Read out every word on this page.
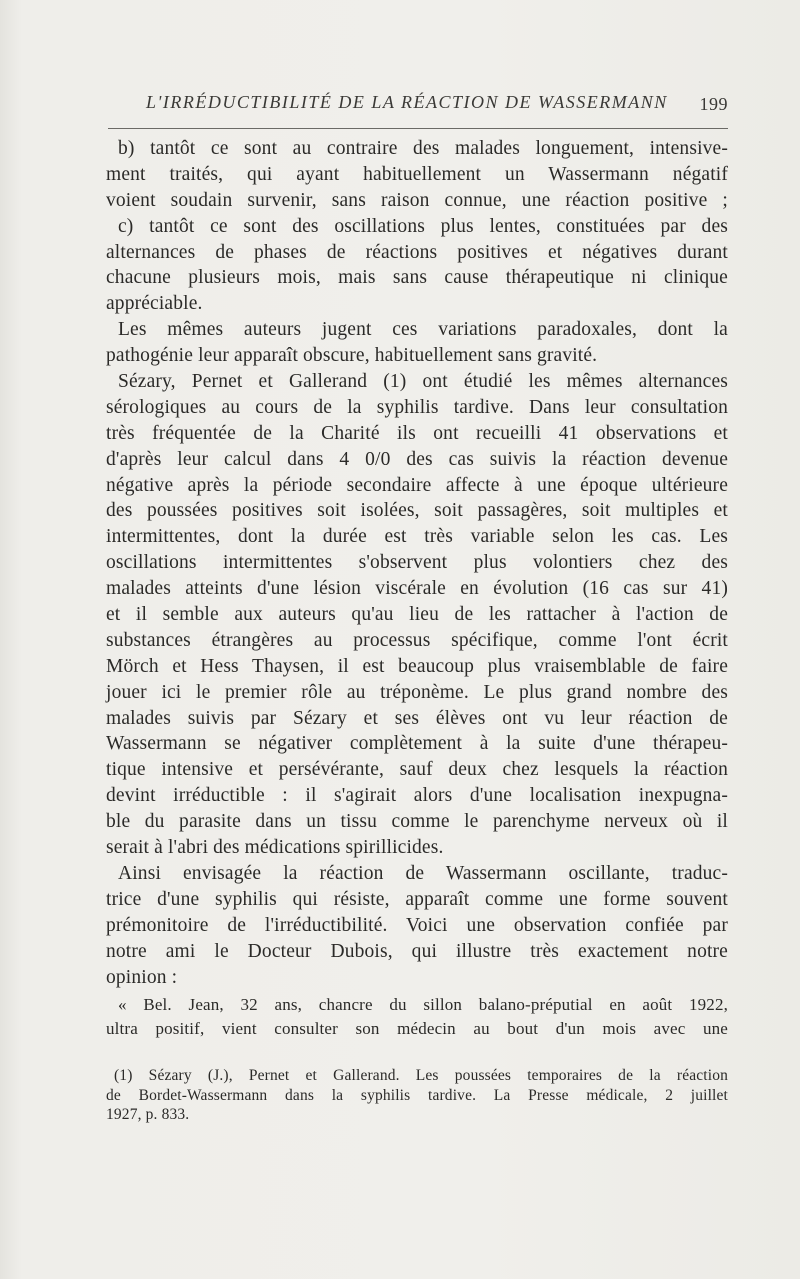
L'IRRÉDUCTIBILITÉ DE LA RÉACTION DE WASSERMANN 199
b) tantôt ce sont au contraire des malades longuement, intensive-
ment traités, qui ayant habituellement un Wassermann négatif
voient soudain survenir, sans raison connue, une réaction positive ;
c) tantôt ce sont des oscillations plus lentes, constituées par des
alternances de phases de réactions positives et négatives durant
chacune plusieurs mois, mais sans cause thérapeutique ni clinique
appréciable.
Les mêmes auteurs jugent ces variations paradoxales, dont la
pathogénie leur apparaît obscure, habituellement sans gravité.
Sézary, Pernet et Gallerand (1) ont étudié les mêmes alternances
sérologiques au cours de la syphilis tardive. Dans leur consultation
très fréquentée de la Charité ils ont recueilli 41 observations et
d'après leur calcul dans 4 0/0 des cas suivis la réaction devenue
négative après la période secondaire affecte à une époque ultérieure
des poussées positives soit isolées, soit passagères, soit multiples et
intermittentes, dont la durée est très variable selon les cas. Les
oscillations intermittentes s'observent plus volontiers chez des
malades atteints d'une lésion viscérale en évolution (16 cas sur 41)
et il semble aux auteurs qu'au lieu de les rattacher à l'action de
substances étrangères au processus spécifique, comme l'ont écrit
Mörch et Hess Thaysen, il est beaucoup plus vraisemblable de faire
jouer ici le premier rôle au tréponème. Le plus grand nombre des
malades suivis par Sézary et ses élèves ont vu leur réaction de
Wassermann se négativer complètement à la suite d'une thérapeu-
tique intensive et persévérante, sauf deux chez lesquels la réaction
devint irréductible : il s'agirait alors d'une localisation inexpugna-
ble du parasite dans un tissu comme le parenchyme nerveux où il
serait à l'abri des médications spirillicides.
Ainsi envisagée la réaction de Wassermann oscillante, traduc-
trice d'une syphilis qui résiste, apparaît comme une forme souvent
prémonitoire de l'irréductibilité. Voici une observation confiée par
notre ami le Docteur Dubois, qui illustre très exactement notre
opinion :
« Bel. Jean, 32 ans, chancre du sillon balano-préputial en août 1922,
ultra positif, vient consulter son médecin au bout d'un mois avec une
(1) Sézary (J.), Pernet et Gallerand. Les poussées temporaires de la réaction
de Bordet-Wassermann dans la syphilis tardive. La Presse médicale, 2 juillet
1927, p. 833.
